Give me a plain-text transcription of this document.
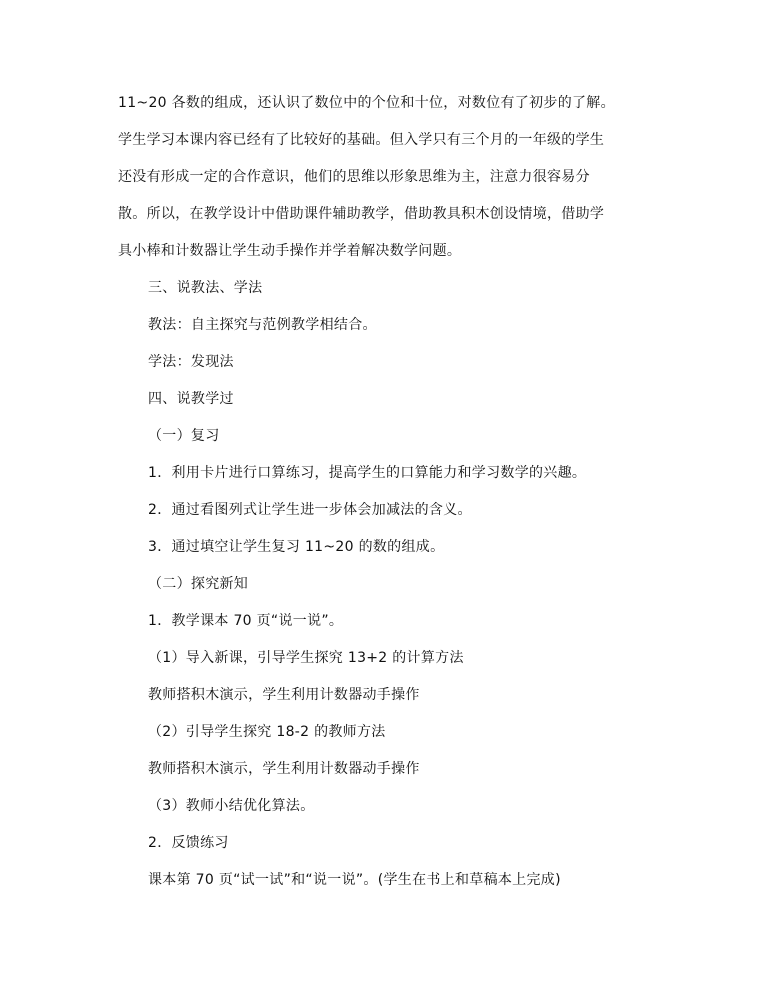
11~20 各数的组成，还认识了数位中的个位和十位，对数位有了初步的了解。
学生学习本课内容已经有了比较好的基础。但入学只有三个月的一年级的学生
还没有形成一定的合作意识，他们的思维以形象思维为主，注意力很容易分
散。所以，在教学设计中借助课件辅助教学，借助教具积木创设情境，借助学
具小棒和计数器让学生动手操作并学着解决数学问题。
三、说教法、学法
教法：自主探究与范例教学相结合。
学法：发现法
四、说教学过
（一）复习
1．利用卡片进行口算练习，提高学生的口算能力和学习数学的兴趣。
2．通过看图列式让学生进一步体会加减法的含义。
3．通过填空让学生复习 11~20 的数的组成。
（二）探究新知
1．教学课本 70 页“说一说”。
（1）导入新课，引导学生探究 13+2 的计算方法
教师搭积木演示，学生利用计数器动手操作
（2）引导学生探究 18-2 的教师方法
教师搭积木演示，学生利用计数器动手操作
（3）教师小结优化算法。
2．反馈练习
课本第 70 页“试一试”和“说一说”。(学生在书上和草稿本上完成)
